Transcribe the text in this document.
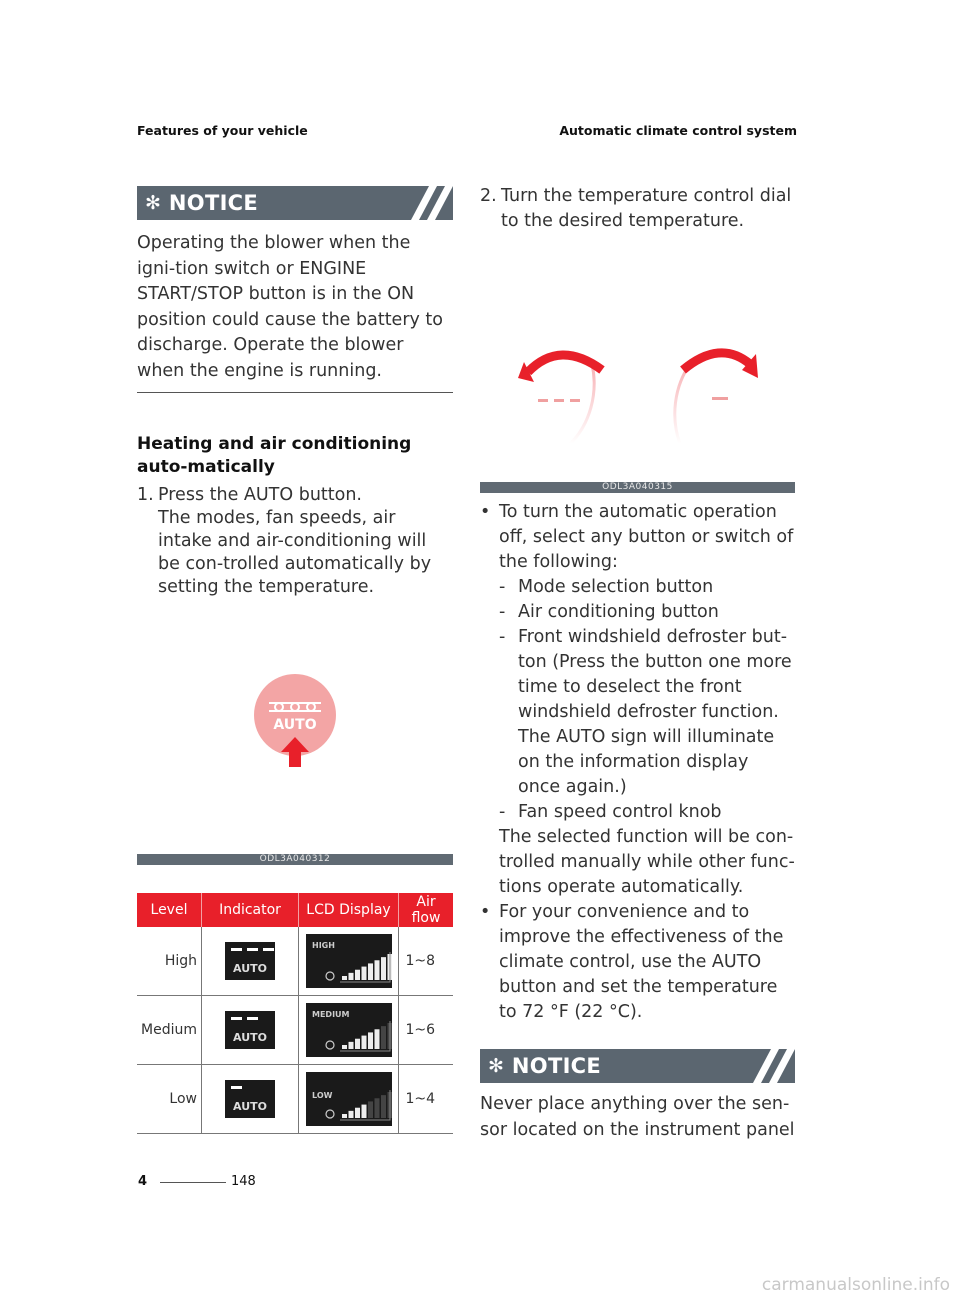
Features of your vehicle	Automatic climate control system
✻ NOTICE

Operating the blower when the igni-tion switch or ENGINE START/STOP button is in the ON position could cause the battery to discharge. Operate the blower when the engine is running.

Heating and air conditioning auto-matically
1. Press the AUTO button.
The modes, fan speeds, air intake and air-conditioning will be con-trolled automatically by setting the temperature.
AUTO
ODL3A040312
Level	Indicator	LCD Display	Air flow
High	AUTO	HIGH	1~8
Medium	AUTO	MEDIUM	1~6
Low	AUTO	LOW	1~4
2. Turn the temperature control dial to the desired temperature.
ODL3A040315
• To turn the automatic operation off, select any button or switch of the following:
- Mode selection button
- Air conditioning button
- Front windshield defroster but-ton (Press the button one more time to deselect the front windshield defroster function. The AUTO sign will illuminate on the information display once again.)
- Fan speed control knob
The selected function will be con-trolled manually while other func-tions operate automatically.
• For your convenience and to improve the effectiveness of the climate control, use the AUTO button and set the temperature to 72 °F (22 °C).
✻ NOTICE

Never place anything over the sen-sor located on the instrument panel

4	148
carmanualsonline.info
